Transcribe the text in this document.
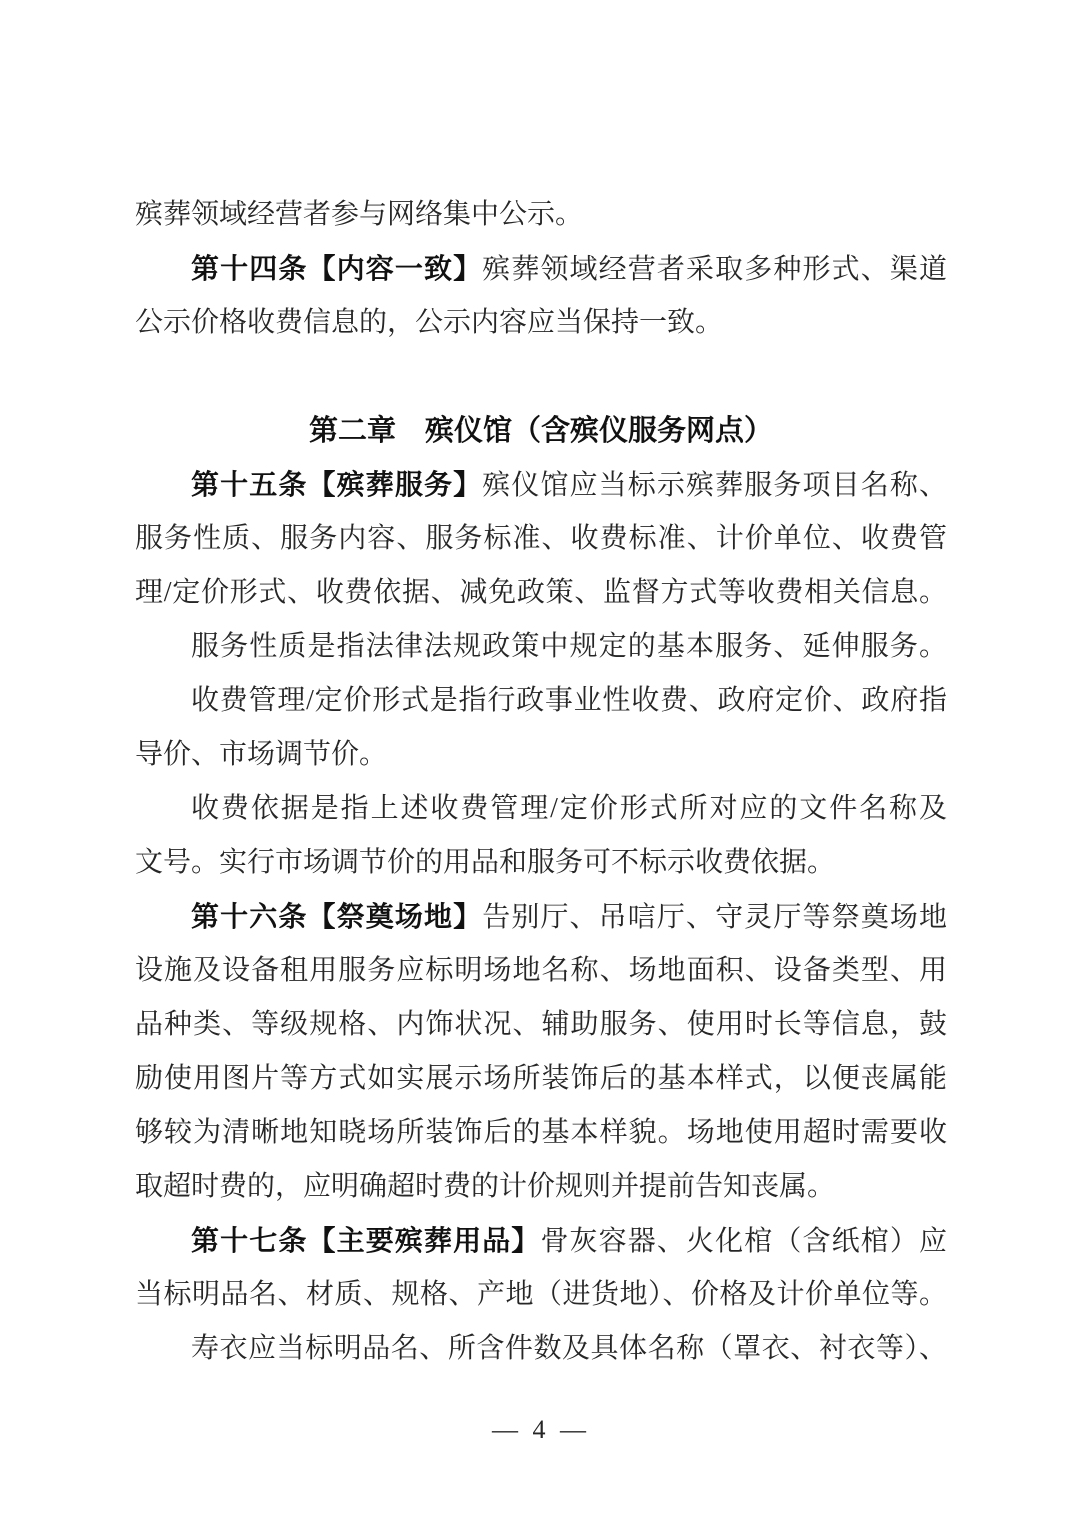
殡葬领域经营者参与网络集中公示。
第十四条【内容一致】殡葬领域经营者采取多种形式、渠道
公示价格收费信息的，公示内容应当保持一致。
第二章　殡仪馆（含殡仪服务网点）
第十五条【殡葬服务】殡仪馆应当标示殡葬服务项目名称、
服务性质、服务内容、服务标准、收费标准、计价单位、收费管
理/定价形式、收费依据、减免政策、监督方式等收费相关信息。
服务性质是指法律法规政策中规定的基本服务、延伸服务。
收费管理/定价形式是指行政事业性收费、政府定价、政府指
导价、市场调节价。
收费依据是指上述收费管理/定价形式所对应的文件名称及
文号。实行市场调节价的用品和服务可不标示收费依据。
第十六条【祭奠场地】告别厅、吊唁厅、守灵厅等祭奠场地
设施及设备租用服务应标明场地名称、场地面积、设备类型、用
品种类、等级规格、内饰状况、辅助服务、使用时长等信息，鼓
励使用图片等方式如实展示场所装饰后的基本样式，以便丧属能
够较为清晰地知晓场所装饰后的基本样貌。场地使用超时需要收
取超时费的，应明确超时费的计价规则并提前告知丧属。
第十七条【主要殡葬用品】骨灰容器、火化棺（含纸棺）应
当标明品名、材质、规格、产地（进货地）、价格及计价单位等。
寿衣应当标明品名、所含件数及具体名称（罩衣、衬衣等）、
— 4 —
